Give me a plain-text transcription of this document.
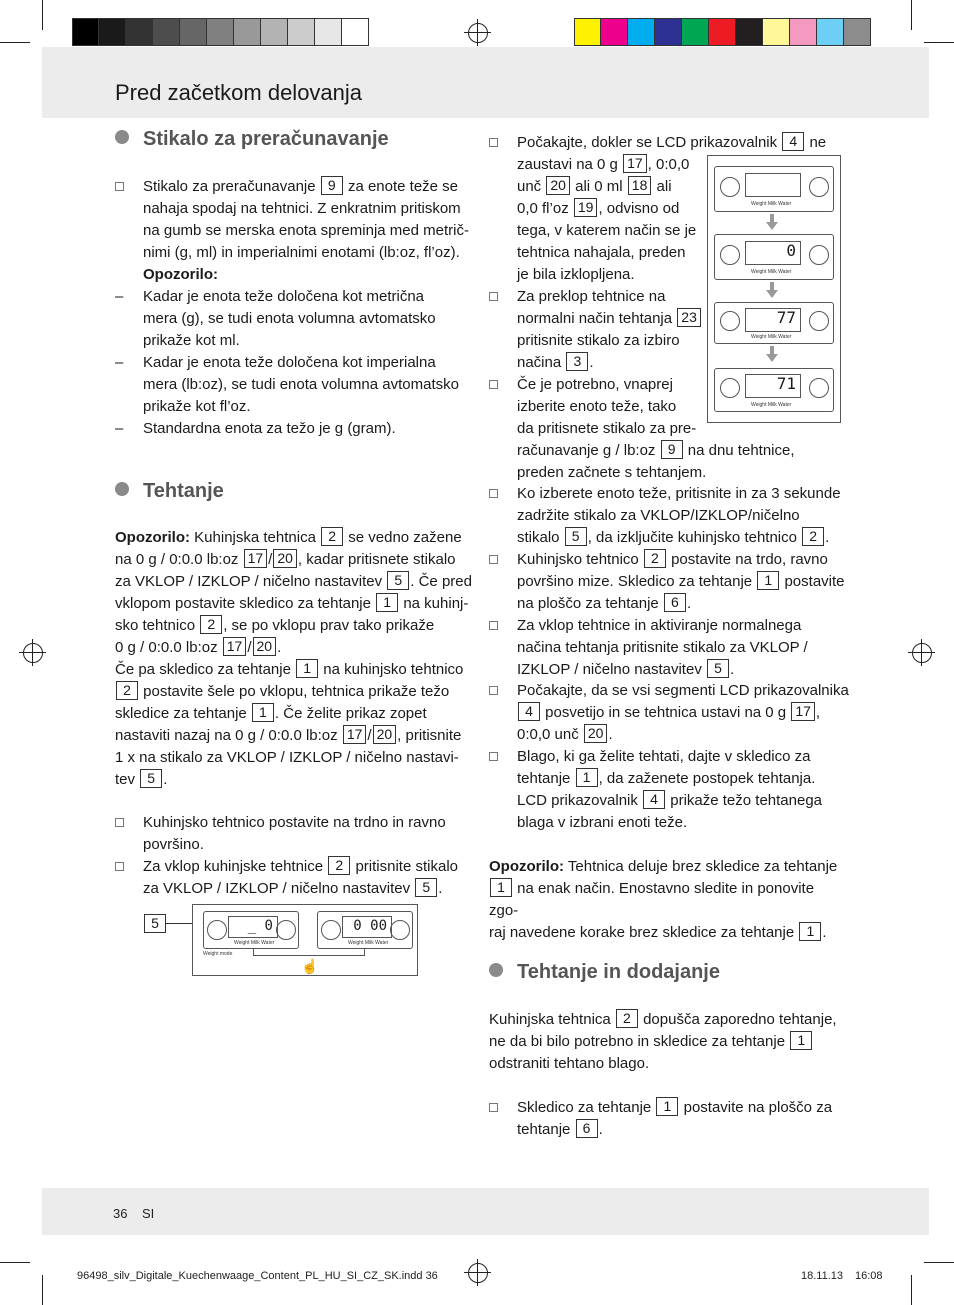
Pred začetkom delovanja
Stikalo za preračunavanje
Stikalo za preračunavanje 9 za enote teže se
nahaja spodaj na tehtnici. Z enkratnim pritiskom
na gumb se merska enota spreminja med metrič-
nimi (g, ml) in imperialnimi enotami (lb:oz, fl’oz).
Opozorilo:
– Kadar je enota teže določena kot metrična
mera (g), se tudi enota volumna avtomatsko
prikaže kot ml.
– Kadar je enota teže določena kot imperialna
mera (lb:oz), se tudi enota volumna avtomatsko
prikaže kot fl’oz.
– Standardna enota za težo je g (gram).
Tehtanje
Opozorilo: Kuhinjska tehtnica 2 se vedno zažene
na 0 g / 0:0.0 lb:oz 17 / 20 , kadar pritisnete stikalo
za VKLOP / IZKLOP / ničelno nastavitev 5 . Če pred
vklopom postavite skledico za tehtanje 1 na kuhinj-
sko tehtnico 2 , se po vklopu prav tako prikaže
0 g / 0:0.0 lb:oz 17 / 20 .
Če pa skledico za tehtanje 1 na kuhinjsko tehtnico
2 postavite šele po vklopu, tehtnica prikaže težo
skledice za tehtanje 1 . Če želite prikaz zopet
nastaviti nazaj na 0 g / 0:0.0 lb:oz 17 / 20 , pritisnite
1 x na stikalo za VKLOP / IZKLOP / ničelno nastavi-
tev 5 .
Kuhinjsko tehtnico postavite na trdno in ravno
površino.
Za vklop kuhinjske tehtnice 2 pritisnite stikalo
za VKLOP / IZKLOP / ničelno nastavitev 5 .
5	_ 0
Weight Milk Water
0 00
Weight Milk Water
Weight mode
☝
Počakajte, dokler se LCD prikazovalnik 4 ne
zaustavi na 0 g 17 , 0:0,0
unč 20 ali 0 ml 18 ali
0,0 fl’oz 19 , odvisno od
tega, v katerem način se je
tehtnica nahajala, preden
je bila izklopljena.
Za preklop tehtnice na
normalni način tehtanja 23
pritisnite stikalo za izbiro
načina 3 .
Če je potrebno, vnaprej
izberite enoto teže, tako
da pritisnete stikalo za pre-
računavanje g / lb:oz 9 na dnu tehtnice,
preden začnete s tehtanjem.
Ko izberete enoto teže, pritisnite in za 3 sekunde
zadržite stikalo za VKLOP/IZKLOP/ničelno
stikalo 5 , da izključite kuhinjsko tehtnico 2 .
Kuhinjsko tehtnico 2 postavite na trdo, ravno
površino mize. Skledico za tehtanje 1 postavite
na ploščo za tehtanje 6 .
Za vklop tehtnice in aktiviranje normalnega
načina tehtanja pritisnite stikalo za VKLOP /
IZKLOP / ničelno nastavitev 5 .
Počakajte, da se vsi segmenti LCD prikazovalnika
4 posvetijo in se tehtnica ustavi na 0 g 17 ,
0:0,0 unč 20 .
Blago, ki ga želite tehtati, dajte v skledico za
tehtanje 1 , da zaženete postopek tehtanja.
LCD prikazovalnik 4 prikaže težo tehtanega
blaga v izbrani enoti teže.
Opozorilo: Tehtnica deluje brez skledice za tehtanje
1 na enak način. Enostavno sledite in ponovite zgo-
raj navedene korake brez skledice za tehtanje 1 .
Weight Milk Water
0
Weight Milk Water
77
Weight Milk Water
71
Weight Milk Water
Tehtanje in dodajanje
Kuhinjska tehtnica 2 dopušča zaporedno tehtanje,
ne da bi bilo potrebno in skledice za tehtanje 1
odstraniti tehtano blago.
Skledico za tehtanje 1 postavite na ploščo za
tehtanje 6 .
36 SI
96498_silv_Digitale_Kuechenwaage_Content_PL_HU_SI_CZ_SK.indd 36	18.11.13 16:08
